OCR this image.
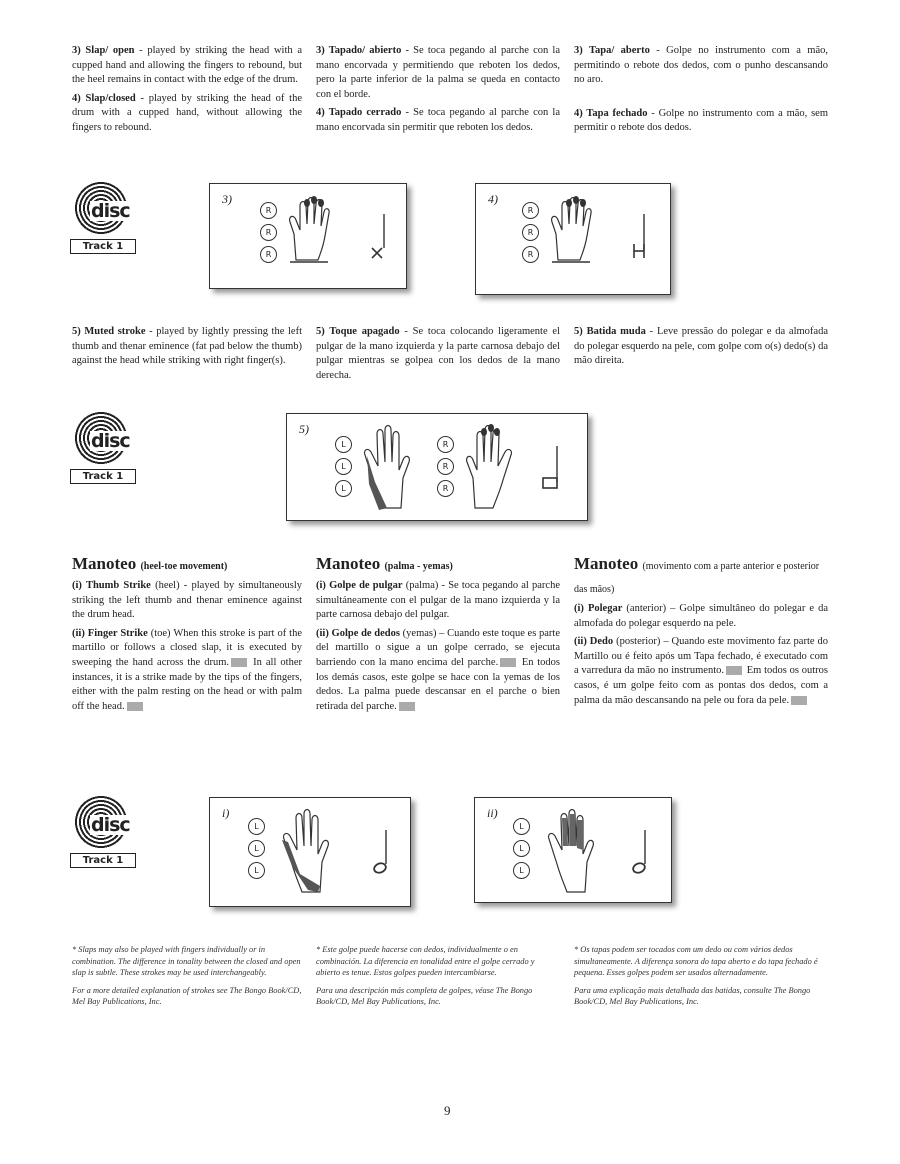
3) Slap/ open - played by striking the head with a cupped hand and allowing the fingers to rebound, but the heel remains in contact with the edge of the drum.

4) Slap/closed - played by striking the head of the drum with a cupped hand, without allowing the fingers to rebound.

3) Tapado/ abierto - Se toca pegando al parche con la mano encorvada y permitiendo que reboten los dedos, pero la parte inferior de la palma se queda en contacto con el borde.

4) Tapado cerrado - Se toca pegando al parche con la mano encorvada sin permitir que reboten los dedos.

3) Tapa/ aberto - Golpe no instrumento com a mão, permitindo o rebote dos dedos, com o punho descansando no aro.

4) Tapa fechado - Golpe no instrumento com a mão, sem permitir o rebote dos dedos.

disc
Track 1
3)
R
R
R
4)
R
R
R

5) Muted stroke - played by lightly pressing the left thumb and thenar eminence (fat pad below the thumb) against the head while striking with right finger(s).

5) Toque apagado - Se toca colocando ligeramente el pulgar de la mano izquierda y la parte carnosa debajo del pulgar mientras se golpea con los dedos de la mano derecha.

5) Batida muda - Leve pressão do polegar e da almofada do polegar esquerdo na pele, com golpe com o(s) dedo(s) da mão direita.

disc
Track 1
5)
L
L
L
R
R
R

Manoteo (heel-toe movement)

(i) Thumb Strike (heel) - played by simultaneously striking the left thumb and thenar eminence against the drum head.

(ii) Finger Strike (toe) When this stroke is part of the martillo or follows a closed slap, it is executed by sweeping the hand across the drum. In all other instances, it is a strike made by the tips of the fingers, either with the palm resting on the head or with palm off the head.

Manoteo (palma - yemas)

(i) Golpe de pulgar (palma) - Se toca pegando al parche simultáneamente con el pulgar de la mano izquierda y la parte carnosa debajo del pulgar.

(ii) Golpe de dedos (yemas) – Cuando este toque es parte del martillo o sigue a un golpe cerrado, se ejecuta barriendo con la mano encima del parche. En todos los demás casos, este golpe se hace con la yemas de los dedos. La palma puede descansar en el parche o bien retirada del parche.

Manoteo (movimento com a parte anterior e posterior das mãos)

(i) Polegar (anterior) – Golpe simultâneo do polegar e da almofada do polegar esquerdo na pele.

(ii) Dedo (posterior) – Quando este movimento faz parte do Martillo ou é feito após um Tapa fechado, é executado com a varredura da mão no instrumento. Em todos os outros casos, é um golpe feito com as pontas dos dedos, com a palma da mão descansando na pele ou fora da pele.

disc
Track 1
i)
L
L
L
ii)
L
L
L
* Slaps may also be played with fingers individually or in combination. The difference in tonality between the closed and open slap is subtle. These strokes may be used interchangeably.
For a more detailed explanation of strokes see The Bongo Book/CD, Mel Bay Publications, Inc.
* Este golpe puede hacerse con dedos, individualmente o en combinación. La diferencia en tonalidad entre el golpe cerrado y abierto es tenue. Estos golpes pueden intercambiarse.
Para una descripción más completa de golpes, véase The Bongo Book/CD, Mel Bay Publications, Inc.
* Os tapas podem ser tocados com um dedo ou com vários dedos simultaneamente. A diferença sonora do tapa aberto e do tapa fechado é pequena. Esses golpes podem ser usados alternadamente.
Para uma explicação mais detalhada das batidas, consulte The Bongo Book/CD, Mel Bay Publications, Inc.
9
